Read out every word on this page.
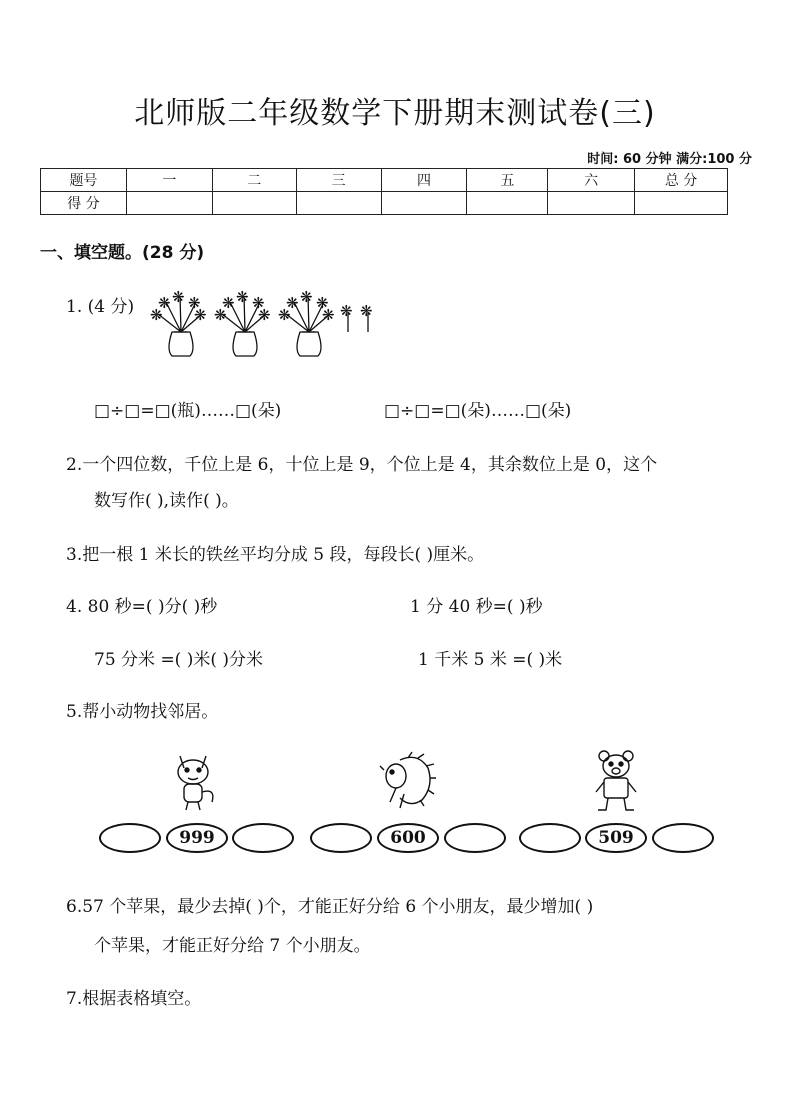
北师版二年级数学下册期末测试卷(三)
时间: 60 分钟 满分:100 分
题号	一	二	三	四	五	六	总 分
得 分							
一、填空题。(28 分)
1. (4 分) ❋
❋ ❋ ❋
❋ ❋
❋ ❋ ❋
❋ ❋
❋ ❋ ❋
❋ ❋ ❋
□÷□=□(瓶)……□(朵)	□÷□=□(朵)……□(朵)
2.一个四位数，千位上是 6，十位上是 9，个位上是 4，其余数位上是 0，这个
数写作( ),读作( )。
3.把一根 1 米长的铁丝平均分成 5 段，每段长( )厘米。
4. 80 秒=( )分( )秒	1 分 40 秒=( )秒
75 分米 =( )米( )分米	1 千米 5 米 =( )米
5.帮小动物找邻居。
999	600	509
6.57 个苹果，最少去掉( )个，才能正好分给 6 个小朋友，最少增加( )
个苹果，才能正好分给 7 个小朋友。
7.根据表格填空。
